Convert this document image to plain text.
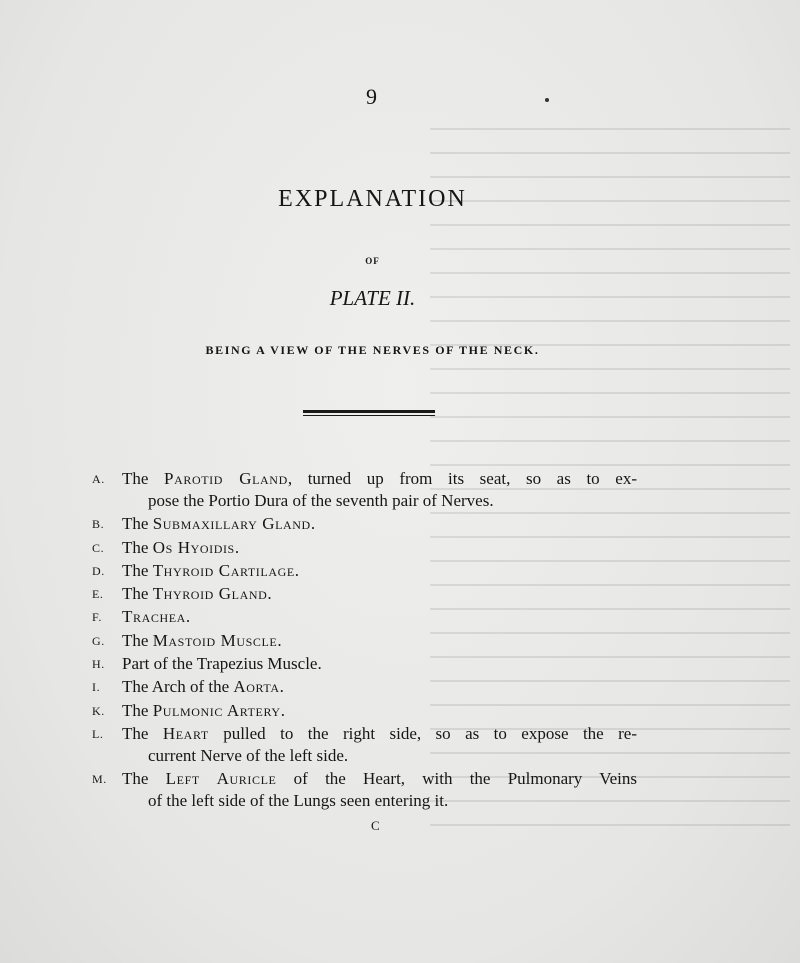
9
EXPLANATION
OF
PLATE II.
BEING A VIEW OF THE NERVES OF THE NECK.
A. The Parotid Gland, turned up from its seat, so as to ex-
pose the Portio Dura of the seventh pair of Nerves.
B. The Submaxillary Gland.
C. The Os Hyoidis.
D. The Thyroid Cartilage.
E. The Thyroid Gland.
F. Trachea.
G. The Mastoid Muscle.
H. Part of the Trapezius Muscle.
I. The Arch of the Aorta.
K. The Pulmonic Artery.
L. The Heart pulled to the right side, so as to expose the re-
current Nerve of the left side.
M. The Left Auricle of the Heart, with the Pulmonary Veins
of the left side of the Lungs seen entering it.
C
